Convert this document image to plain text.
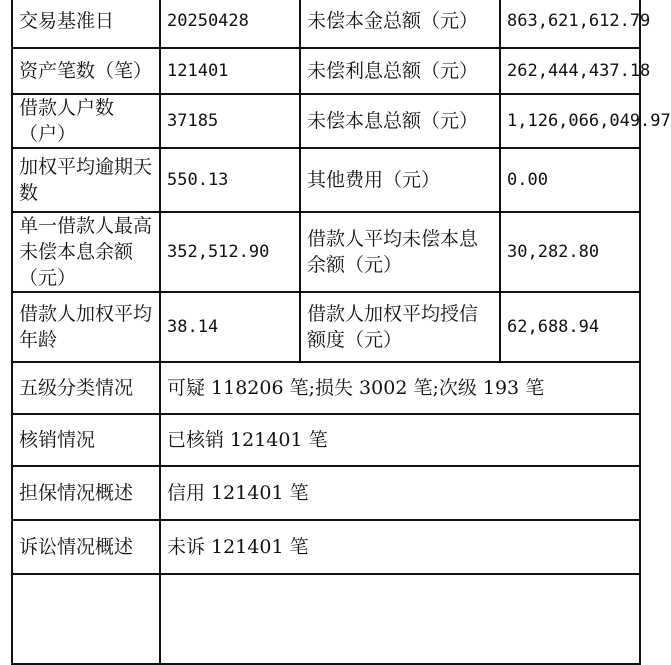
交易基准日	20250428	未偿本金总额（元）	863,621,612.79
资产笔数（笔）	121401	未偿利息总额（元）	262,444,437.18
借款人户数（户）	37185	未偿本息总额（元）	1,126,066,049.97
加权平均逾期天数	550.13	其他费用（元）	0.00
单一借款人最高未偿本息余额（元）	352,512.90	借款人平均未偿本息余额（元）	30,282.80
借款人加权平均年龄	38.14	借款人加权平均授信额度（元）	62,688.94
五级分类情况	可疑 118206 笔;损失 3002 笔;次级 193 笔		
核销情况	已核销 121401 笔		
担保情况概述	信用 121401 笔		
诉讼情况概述	未诉 121401 笔		
